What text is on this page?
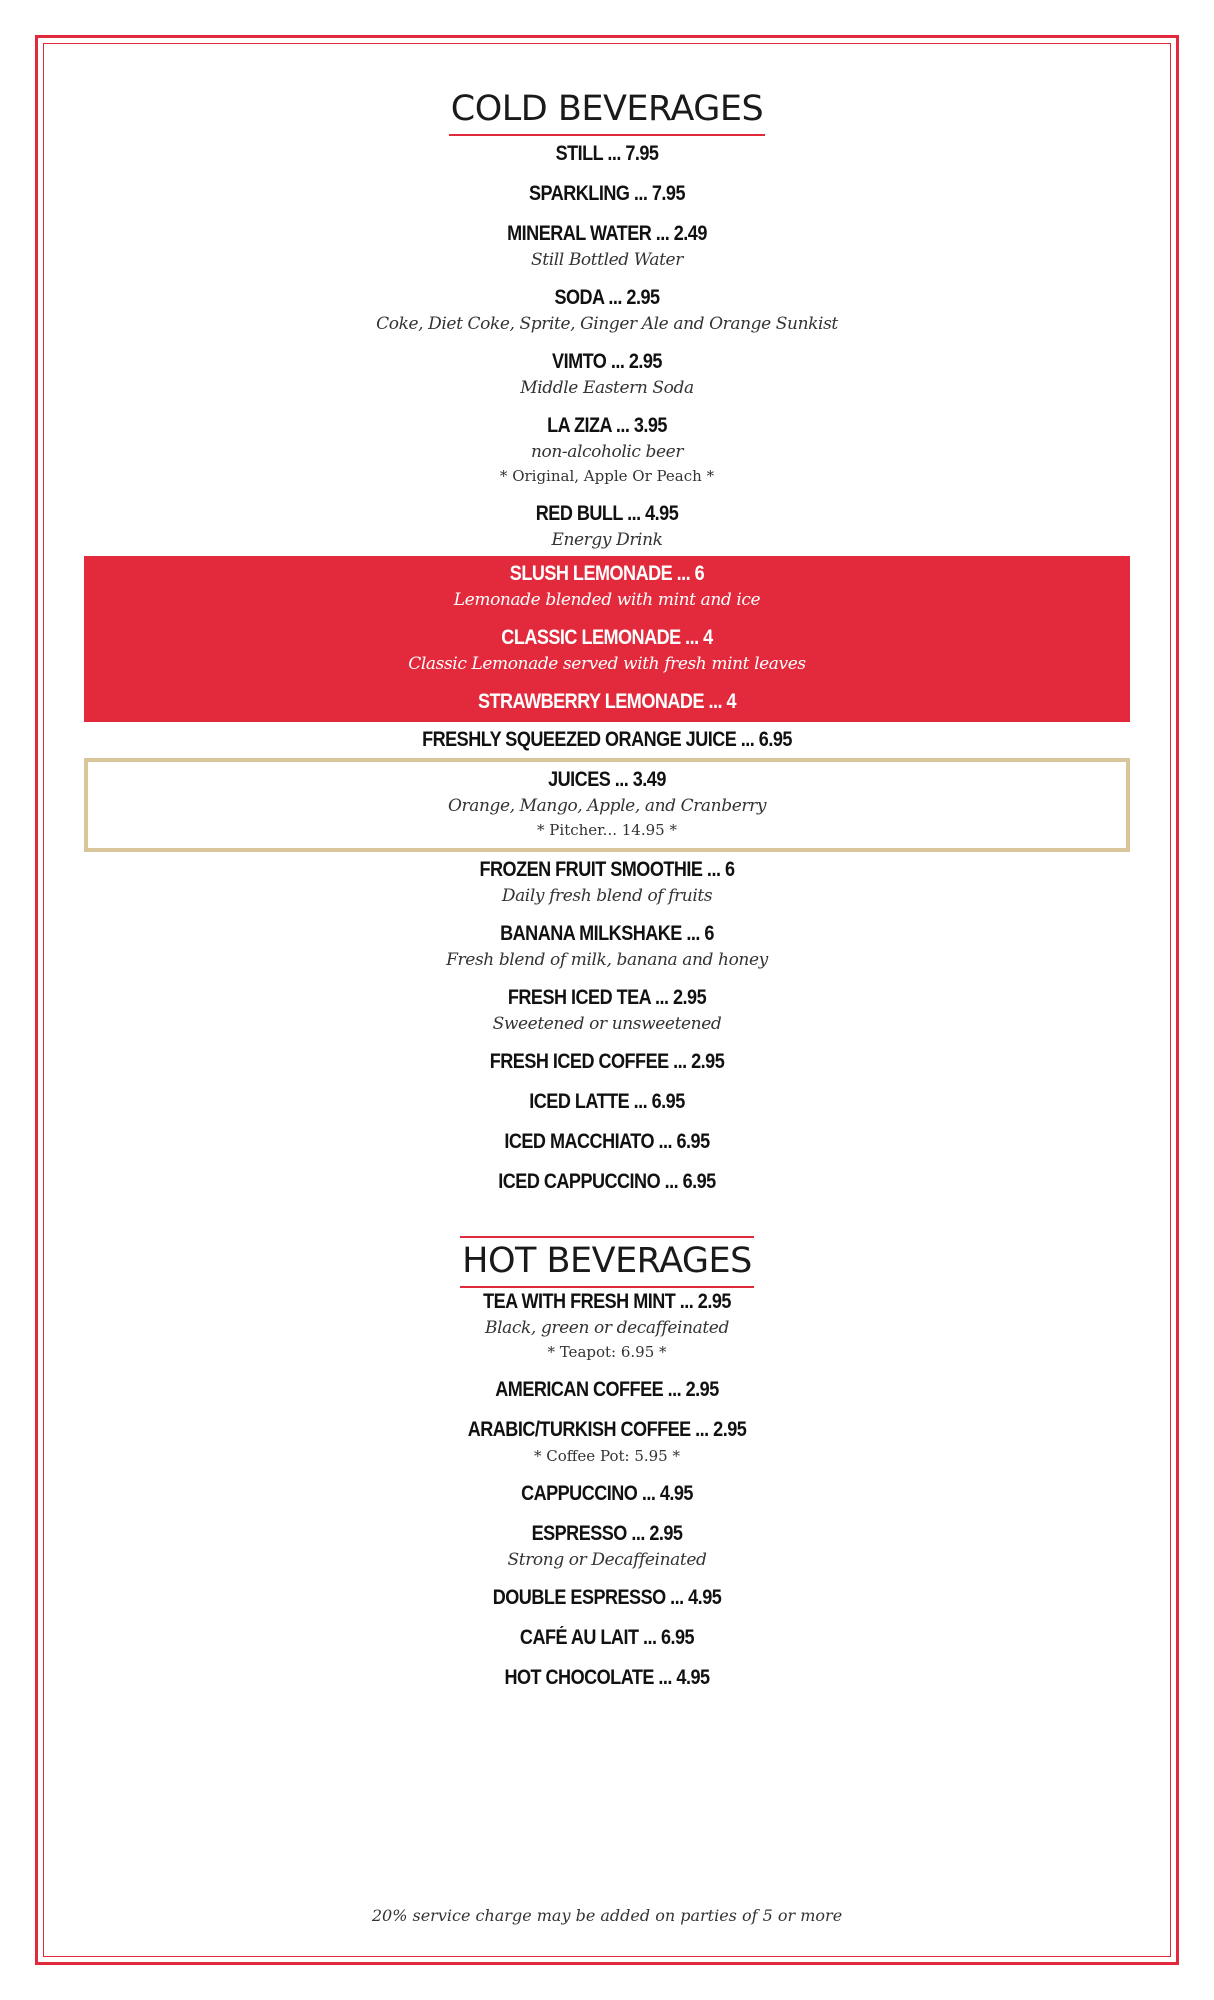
COLD BEVERAGES
STILL ... 7.95
SPARKLING ... 7.95
MINERAL WATER ... 2.49
Still Bottled Water
SODA ... 2.95
Coke, Diet Coke, Sprite, Ginger Ale and Orange Sunkist
VIMTO ... 2.95
Middle Eastern Soda
LA ZIZA ... 3.95
non-alcoholic beer
* Original, Apple Or Peach *
RED BULL ... 4.95
Energy Drink
SLUSH LEMONADE ... 6
Lemonade blended with mint and ice
CLASSIC LEMONADE ... 4
Classic Lemonade served with fresh mint leaves
STRAWBERRY LEMONADE ... 4
FRESHLY SQUEEZED ORANGE JUICE ... 6.95
JUICES ... 3.49
Orange, Mango, Apple, and Cranberry
* Pitcher... 14.95 *
FROZEN FRUIT SMOOTHIE ... 6
Daily fresh blend of fruits
BANANA MILKSHAKE ... 6
Fresh blend of milk, banana and honey
FRESH ICED TEA ... 2.95
Sweetened or unsweetened
FRESH ICED COFFEE ... 2.95
ICED LATTE ... 6.95
ICED MACCHIATO ... 6.95
ICED CAPPUCCINO ... 6.95
HOT BEVERAGES
TEA WITH FRESH MINT ... 2.95
Black, green or decaffeinated
* Teapot: 6.95 *
AMERICAN COFFEE ... 2.95
ARABIC/TURKISH COFFEE ... 2.95
* Coffee Pot: 5.95 *
CAPPUCCINO ... 4.95
ESPRESSO ... 2.95
Strong or Decaffeinated
DOUBLE ESPRESSO ... 4.95
CAFÉ AU LAIT ... 6.95
HOT CHOCOLATE ... 4.95
20% service charge may be added on parties of 5 or more
